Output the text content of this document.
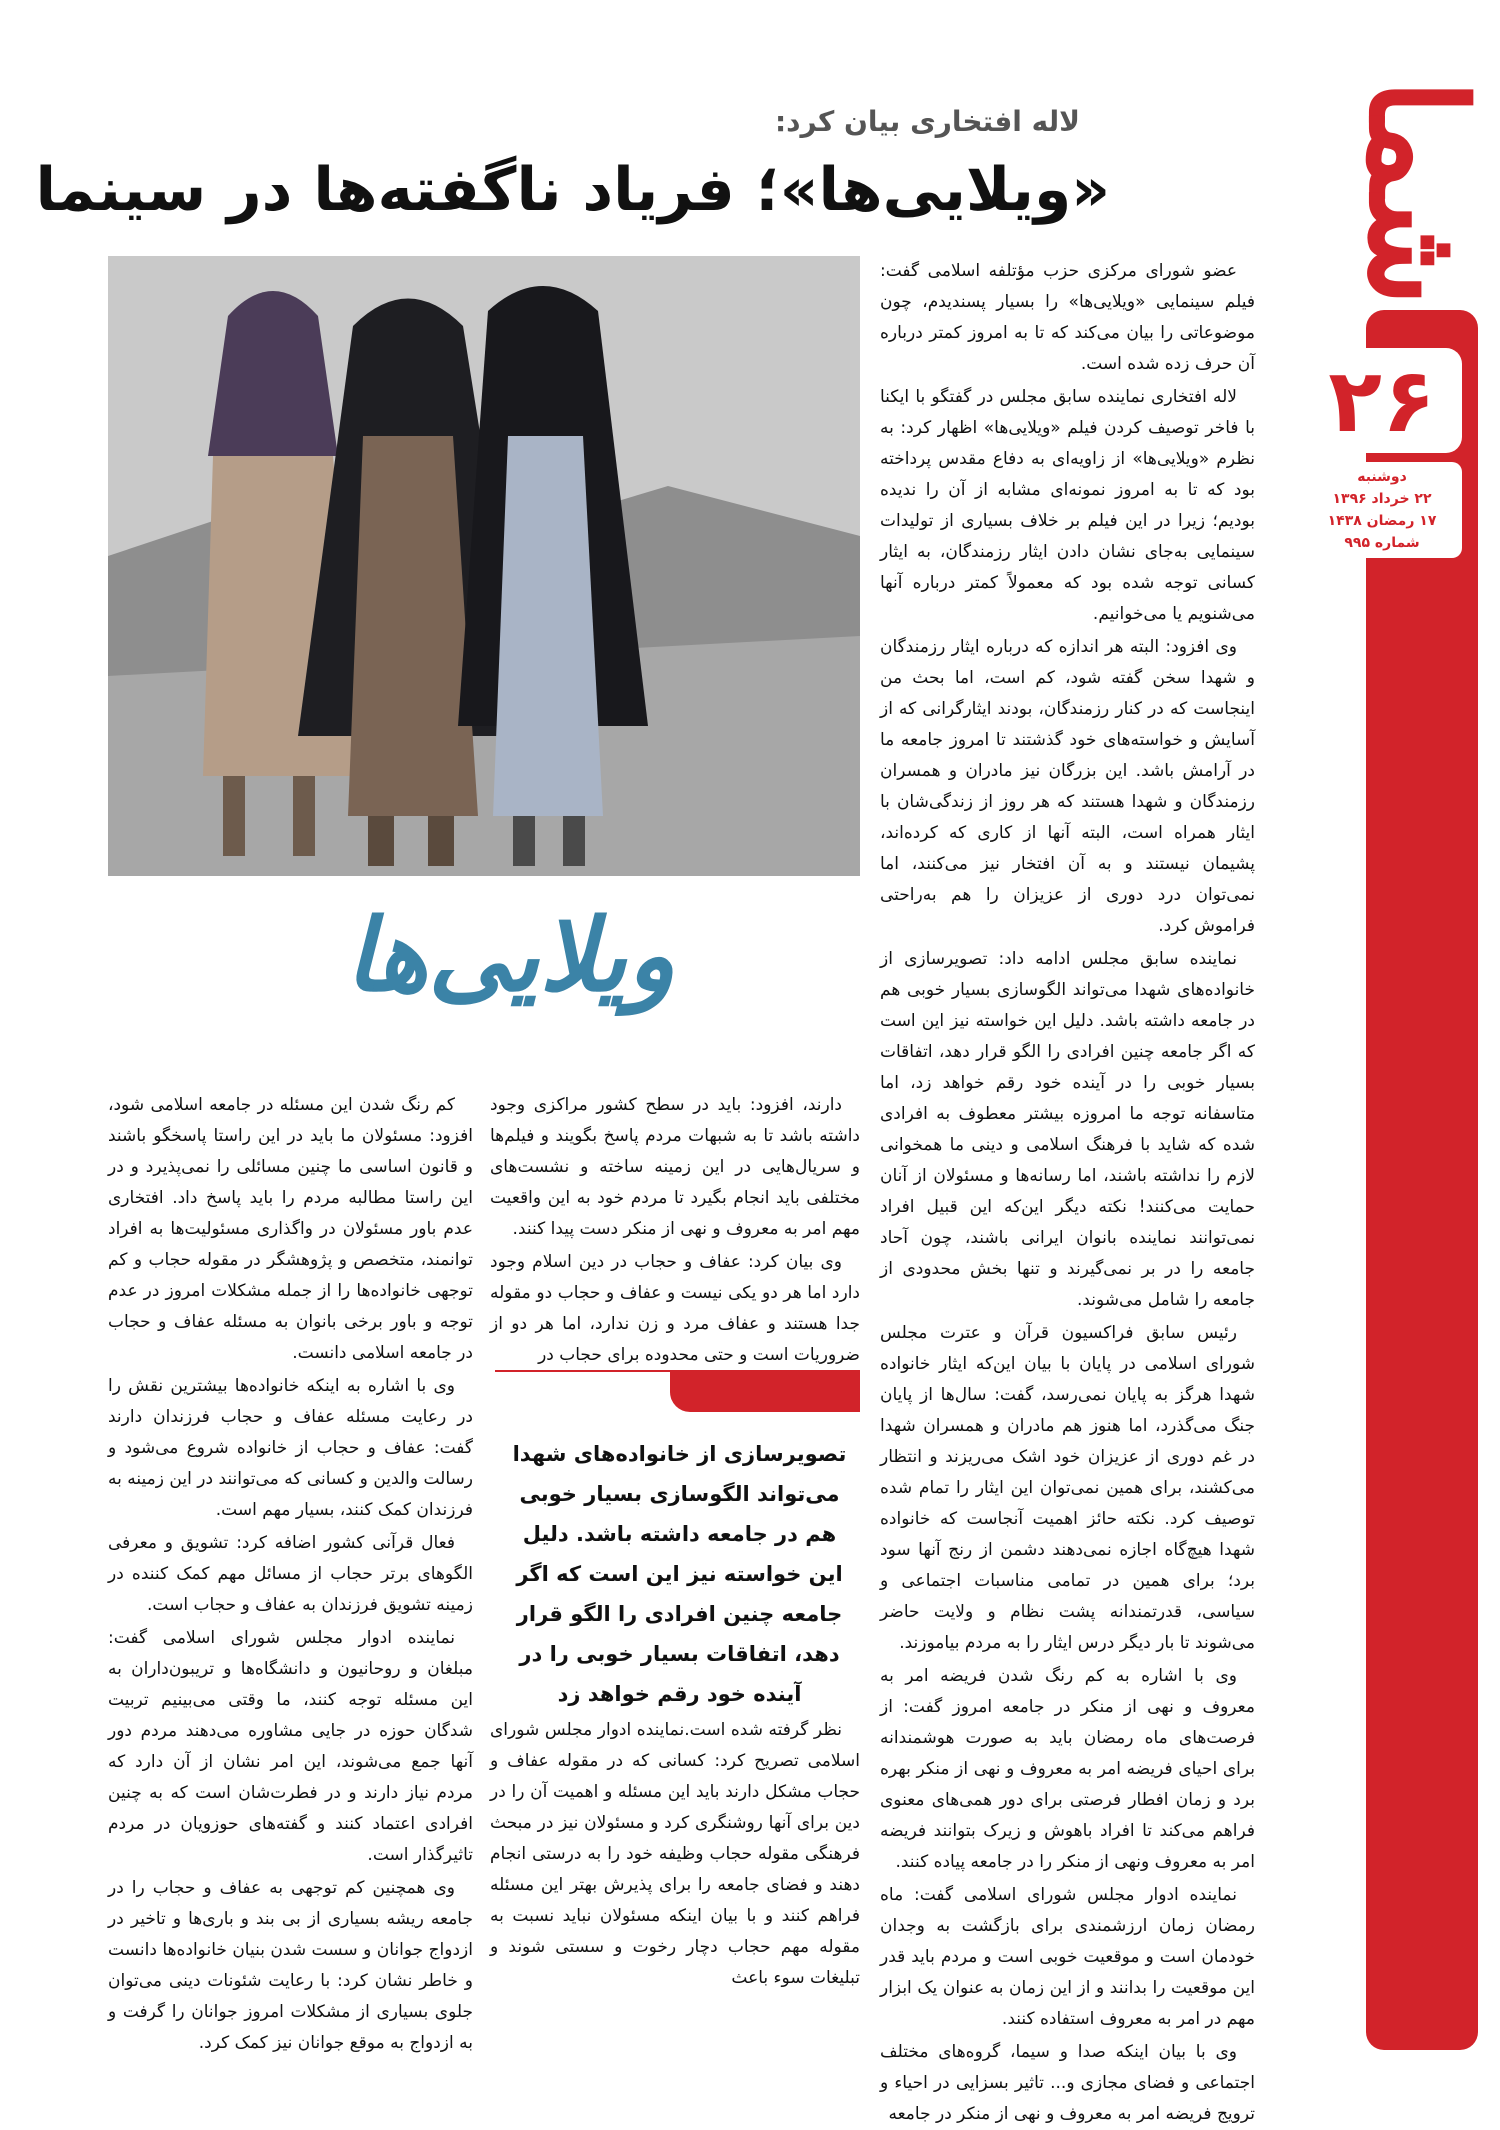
شما
۲۶
دوشنبه
۲۲ خرداد ۱۳۹۶
۱۷ رمضان ۱۴۳۸
شماره ۹۹۵
لاله افتخاری بیان کرد:
«ویلایی‌ها»؛ فریاد ناگفته‌ها در سینما
ویلایی‌ها

عضو شورای مرکزی حزب مؤتلفه اسلامی گفت: فیلم سینمایی «ویلایی‌ها» را بسیار پسندیدم، چون موضوعاتی را بیان می‌کند که تا به امروز کمتر درباره آن حرف زده شده است.

لاله افتخاری نماینده سابق مجلس در گفتگو با ایکنا با فاخر توصیف کردن فیلم «ویلایی‌ها» اظهار کرد: به نظرم «ویلایی‌ها» از زاویه‌ای به دفاع مقدس پرداخته بود که تا به امروز نمونه‌ای مشابه از آن را ندیده بودیم؛ زیرا در این فیلم بر خلاف بسیاری از تولیدات سینمایی به‌جای نشان دادن ایثار رزمندگان، به ایثار کسانی توجه شده بود که معمولاً کمتر درباره آنها می‌شنویم یا می‌خوانیم.

وی افزود: البته هر اندازه که درباره ایثار رزمندگان و شهدا سخن گفته شود، کم است، اما بحث من اینجاست که در کنار رزمندگان، بودند ایثارگرانی که از آسایش و خواسته‌های خود گذشتند تا امروز جامعه ما در آرامش باشد. این بزرگان نیز مادران و همسران رزمندگان و شهدا هستند که هر روز از زندگی‌شان با ایثار همراه است، البته آنها از کاری که کرده‌اند، پشیمان نیستند و به آن افتخار نیز می‌کنند، اما نمی‌توان درد دوری از عزیزان را هم به‌راحتی فراموش کرد.

نماینده سابق مجلس ادامه داد: تصویرسازی از خانواده‌های شهدا می‌تواند الگوسازی بسیار خوبی هم در جامعه داشته باشد. دلیل این خواسته نیز این است که اگر جامعه چنین افرادی را الگو قرار دهد، اتفاقات بسیار خوبی را در آینده خود رقم خواهد زد، اما متاسفانه توجه ما امروزه بیشتر معطوف به افرادی شده که شاید با فرهنگ اسلامی و دینی ما همخوانی لازم را نداشته باشند، اما رسانه‌ها و مسئولان از آنان حمایت می‌کنند! نکته دیگر این‌که این قبیل افراد نمی‌توانند نماینده بانوان ایرانی باشند، چون آحاد جامعه را در بر نمی‌گیرند و تنها بخش محدودی از جامعه را شامل می‌شوند.

رئیس سابق فراکسیون قرآن و عترت مجلس شورای اسلامی در پایان با بیان این‌که ایثار خانواده شهدا هرگز به پایان نمی‌رسد، گفت: سال‌ها از پایان جنگ می‌گذرد، اما هنوز هم مادران و همسران شهدا در غم دوری از عزیزان خود اشک می‌ریزند و انتظار می‌کشند، برای همین نمی‌توان این ایثار را تمام شده توصیف کرد. نکته حائز اهمیت آنجاست که خانواده شهدا هیچ‌گاه اجازه نمی‌دهند دشمن از رنج آنها سود برد؛ برای همین در تمامی مناسبات اجتماعی و سیاسی، قدرتمندانه پشت نظام و ولایت حاضر می‌شوند تا بار دیگر درس ایثار را به مردم بیاموزند.

وی با اشاره به کم رنگ شدن فریضه امر به معروف و نهی از منکر در جامعه امروز گفت: از فرصت‌های ماه رمضان باید به صورت هوشمندانه برای احیای فریضه امر به معروف و نهی از منکر بهره برد و زمان افطار فرصتی برای دور همی‌های معنوی فراهم می‌کند تا افراد باهوش و زیرک بتوانند فریضه امر به معروف ونهی از منکر را در جامعه پیاده کنند.

نماینده ادوار مجلس شورای اسلامی گفت: ماه رمضان زمان ارزشمندی برای بازگشت به وجدان خودمان است و موقعیت خوبی است و مردم باید قدر این موقعیت را بدانند و از این زمان به عنوان یک ابزار مهم در امر به معروف استفاده کنند.

وی با بیان اینکه صدا و سیما، گروه‌های مختلف اجتماعی و فضای مجازی و... تاثیر بسزایی در احیاء و ترویج فریضه امر به معروف و نهی از منکر در جامعه

دارند، افزود: باید در سطح کشور مراکزی وجود داشته باشد تا به شبهات مردم پاسخ بگویند و فیلم‌ها و سریال‌هایی در این زمینه ساخته و نشست‌های مختلفی باید انجام بگیرد تا مردم خود به این واقعیت مهم امر به معروف و نهی از منکر دست پیدا کنند.

وی بیان کرد: عفاف و حجاب در دین اسلام وجود دارد اما هر دو یکی نیست و عفاف و حجاب دو مقوله جدا هستند و عفاف مرد و زن ندارد، اما هر دو از ضروریات است و حتی محدوده برای حجاب در

تصویرسازی از خانواده‌های شهدا می‌تواند الگوسازی بسیار خوبی هم در جامعه داشته باشد. دلیل این خواسته نیز این است که اگر جامعه چنین افرادی را الگو قرار دهد، اتفاقات بسیار خوبی را در آینده خود رقم خواهد زد

نظر گرفته شده است.نماینده ادوار مجلس شورای اسلامی تصریح کرد: کسانی که در مقوله عفاف و حجاب مشکل دارند باید این مسئله و اهمیت آن را در دین برای آنها روشنگری کرد و مسئولان نیز در مبحث فرهنگی مقوله حجاب وظیفه خود را به درستی انجام دهند و فضای جامعه را برای پذیرش بهتر این مسئله فراهم کنند و با بیان اینکه مسئولان نباید نسبت به مقوله مهم حجاب دچار رخوت و سستی شوند و تبلیغات سوء باعث

کم رنگ شدن این مسئله در جامعه اسلامی شود، افزود: مسئولان ما باید در این راستا پاسخگو باشند و قانون اساسی ما چنین مسائلی را نمی‌پذیرد و در این راستا مطالبه مردم را باید پاسخ داد. افتخاری عدم باور مسئولان در واگذاری مسئولیت‌ها به افراد توانمند، متخصص و پژوهشگر در مقوله حجاب و کم توجهی خانواده‌ها را از جمله مشکلات امروز در عدم توجه و باور برخی بانوان به مسئله عفاف و حجاب در جامعه اسلامی دانست.

وی با اشاره به اینکه خانواده‌ها بیشترین نقش را در رعایت مسئله عفاف و حجاب فرزندان دارند گفت: عفاف و حجاب از خانواده شروع می‌شود و رسالت والدین و کسانی که می‌توانند در این زمینه به فرزندان کمک کنند، بسیار مهم است.

فعال قرآنی کشور اضافه کرد: تشویق و معرفی الگوهای برتر حجاب از مسائل مهم کمک کننده در زمینه تشویق فرزندان به عفاف و حجاب است.

نماینده ادوار مجلس شورای اسلامی گفت: مبلغان و روحانیون و دانشگاه‌ها و تریبون‌داران به این مسئله توجه کنند، ما وقتی می‌بینیم تربیت شدگان حوزه در جایی مشاوره می‌دهند مردم دور آنها جمع می‌شوند، این امر نشان از آن دارد که مردم نیاز دارند و در فطرت‌شان است که به چنین افرادی اعتماد کنند و گفته‌های حوزویان در مردم تاثیرگذار است.

وی همچنین کم توجهی به عفاف و حجاب را در جامعه ریشه بسیاری از بی بند و باری‌ها و تاخیر در ازدواج جوانان و سست شدن بنیان خانواده‌ها دانست و خاطر نشان کرد: با رعایت شئونات دینی می‌توان جلوی بسیاری از مشکلات امروز جوانان را گرفت و به ازدواج به موقع جوانان نیز کمک کرد.
